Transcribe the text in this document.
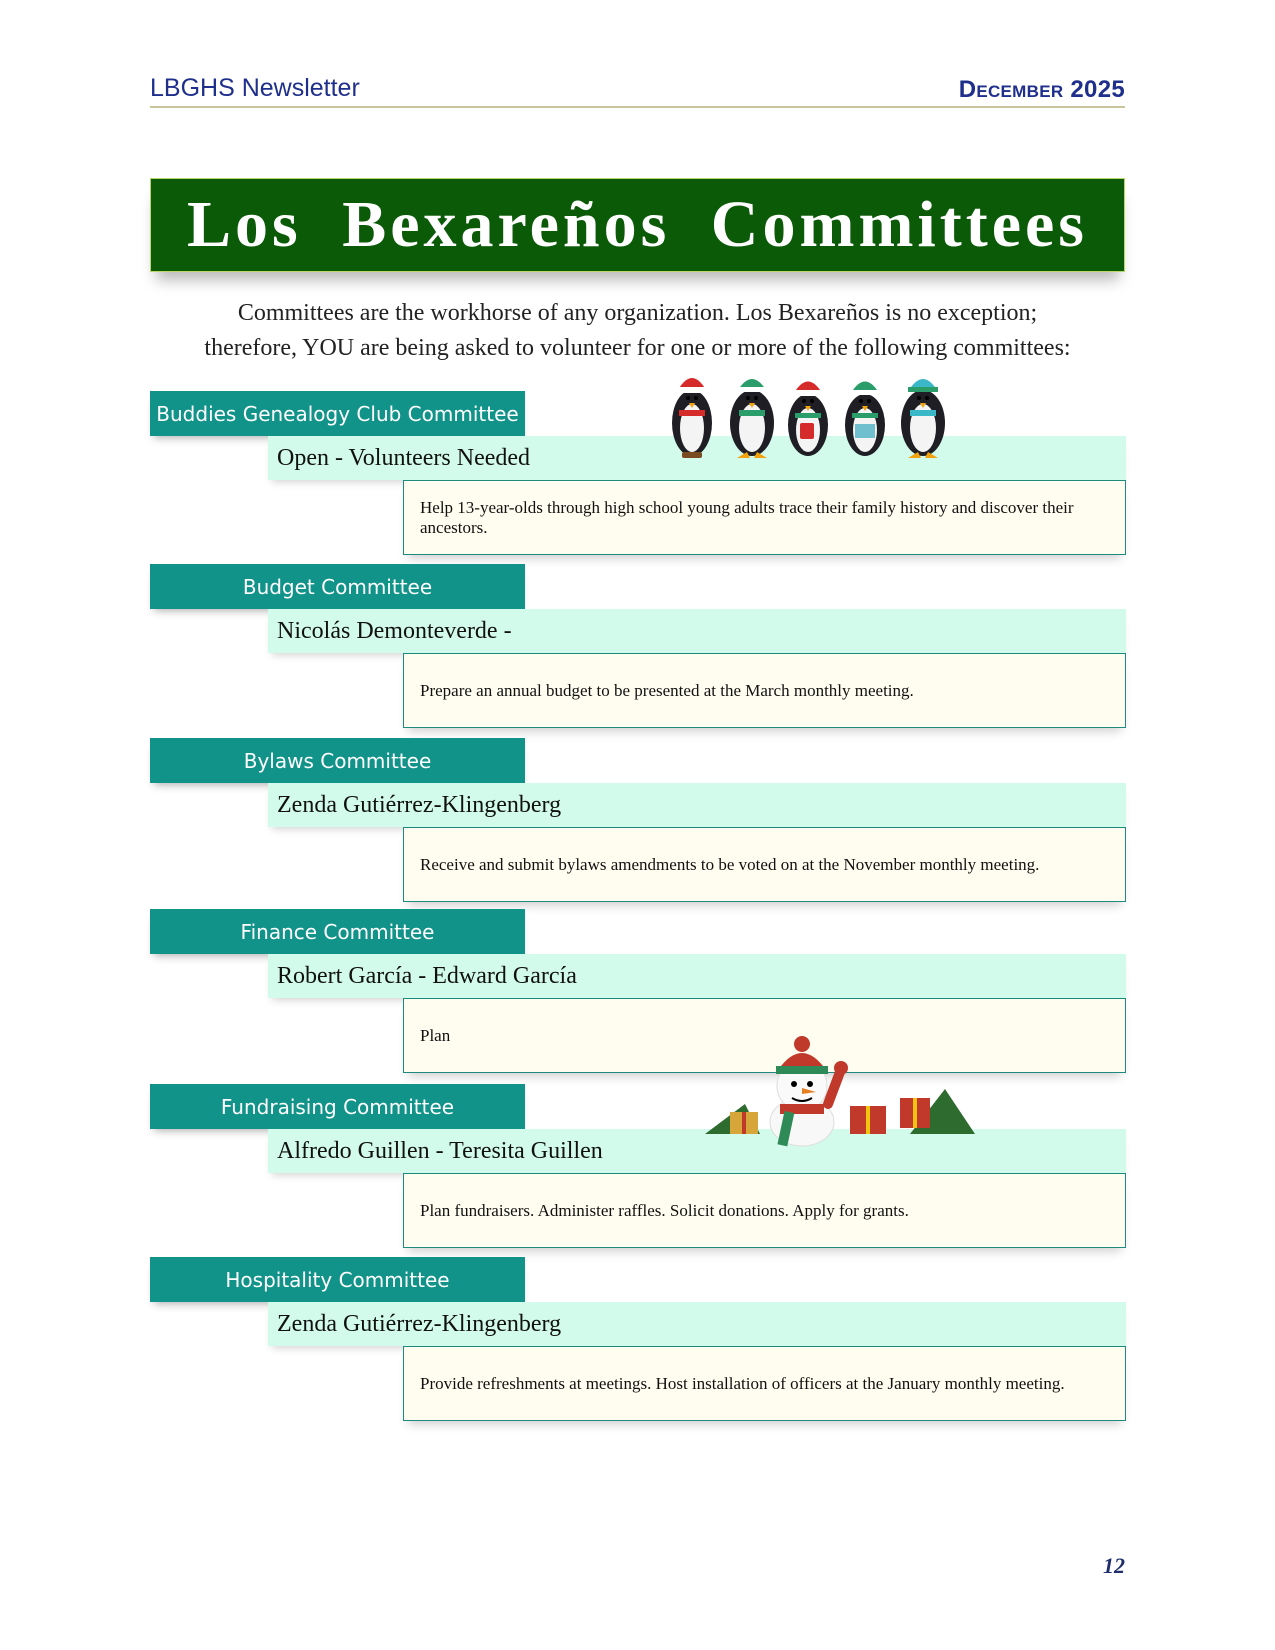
LBGHS Newsletter	December 2025
Los Bexareños Committees
Committees are the workhorse of any organization. Los Bexareños is no exception;
therefore, YOU are being asked to volunteer for one or more of the following committees:
Buddies Genealogy Club Committee
Open - Volunteers Needed
Help 13-year-olds through high school young adults trace their family history and discover their ancestors.
Budget Committee
Nicolás Demonteverde -
Prepare an annual budget to be presented at the March monthly meeting.
Bylaws Committee
Zenda Gutiérrez-Klingenberg
Receive and submit bylaws amendments to be voted on at the November monthly meeting.
Finance Committee
Robert García - Edward García
Plan
Fundraising Committee
Alfredo Guillen - Teresita Guillen
Plan fundraisers. Administer raffles. Solicit donations. Apply for grants.
Hospitality Committee
Zenda Gutiérrez-Klingenberg
Provide refreshments at meetings. Host installation of officers at the January monthly meeting.
12
